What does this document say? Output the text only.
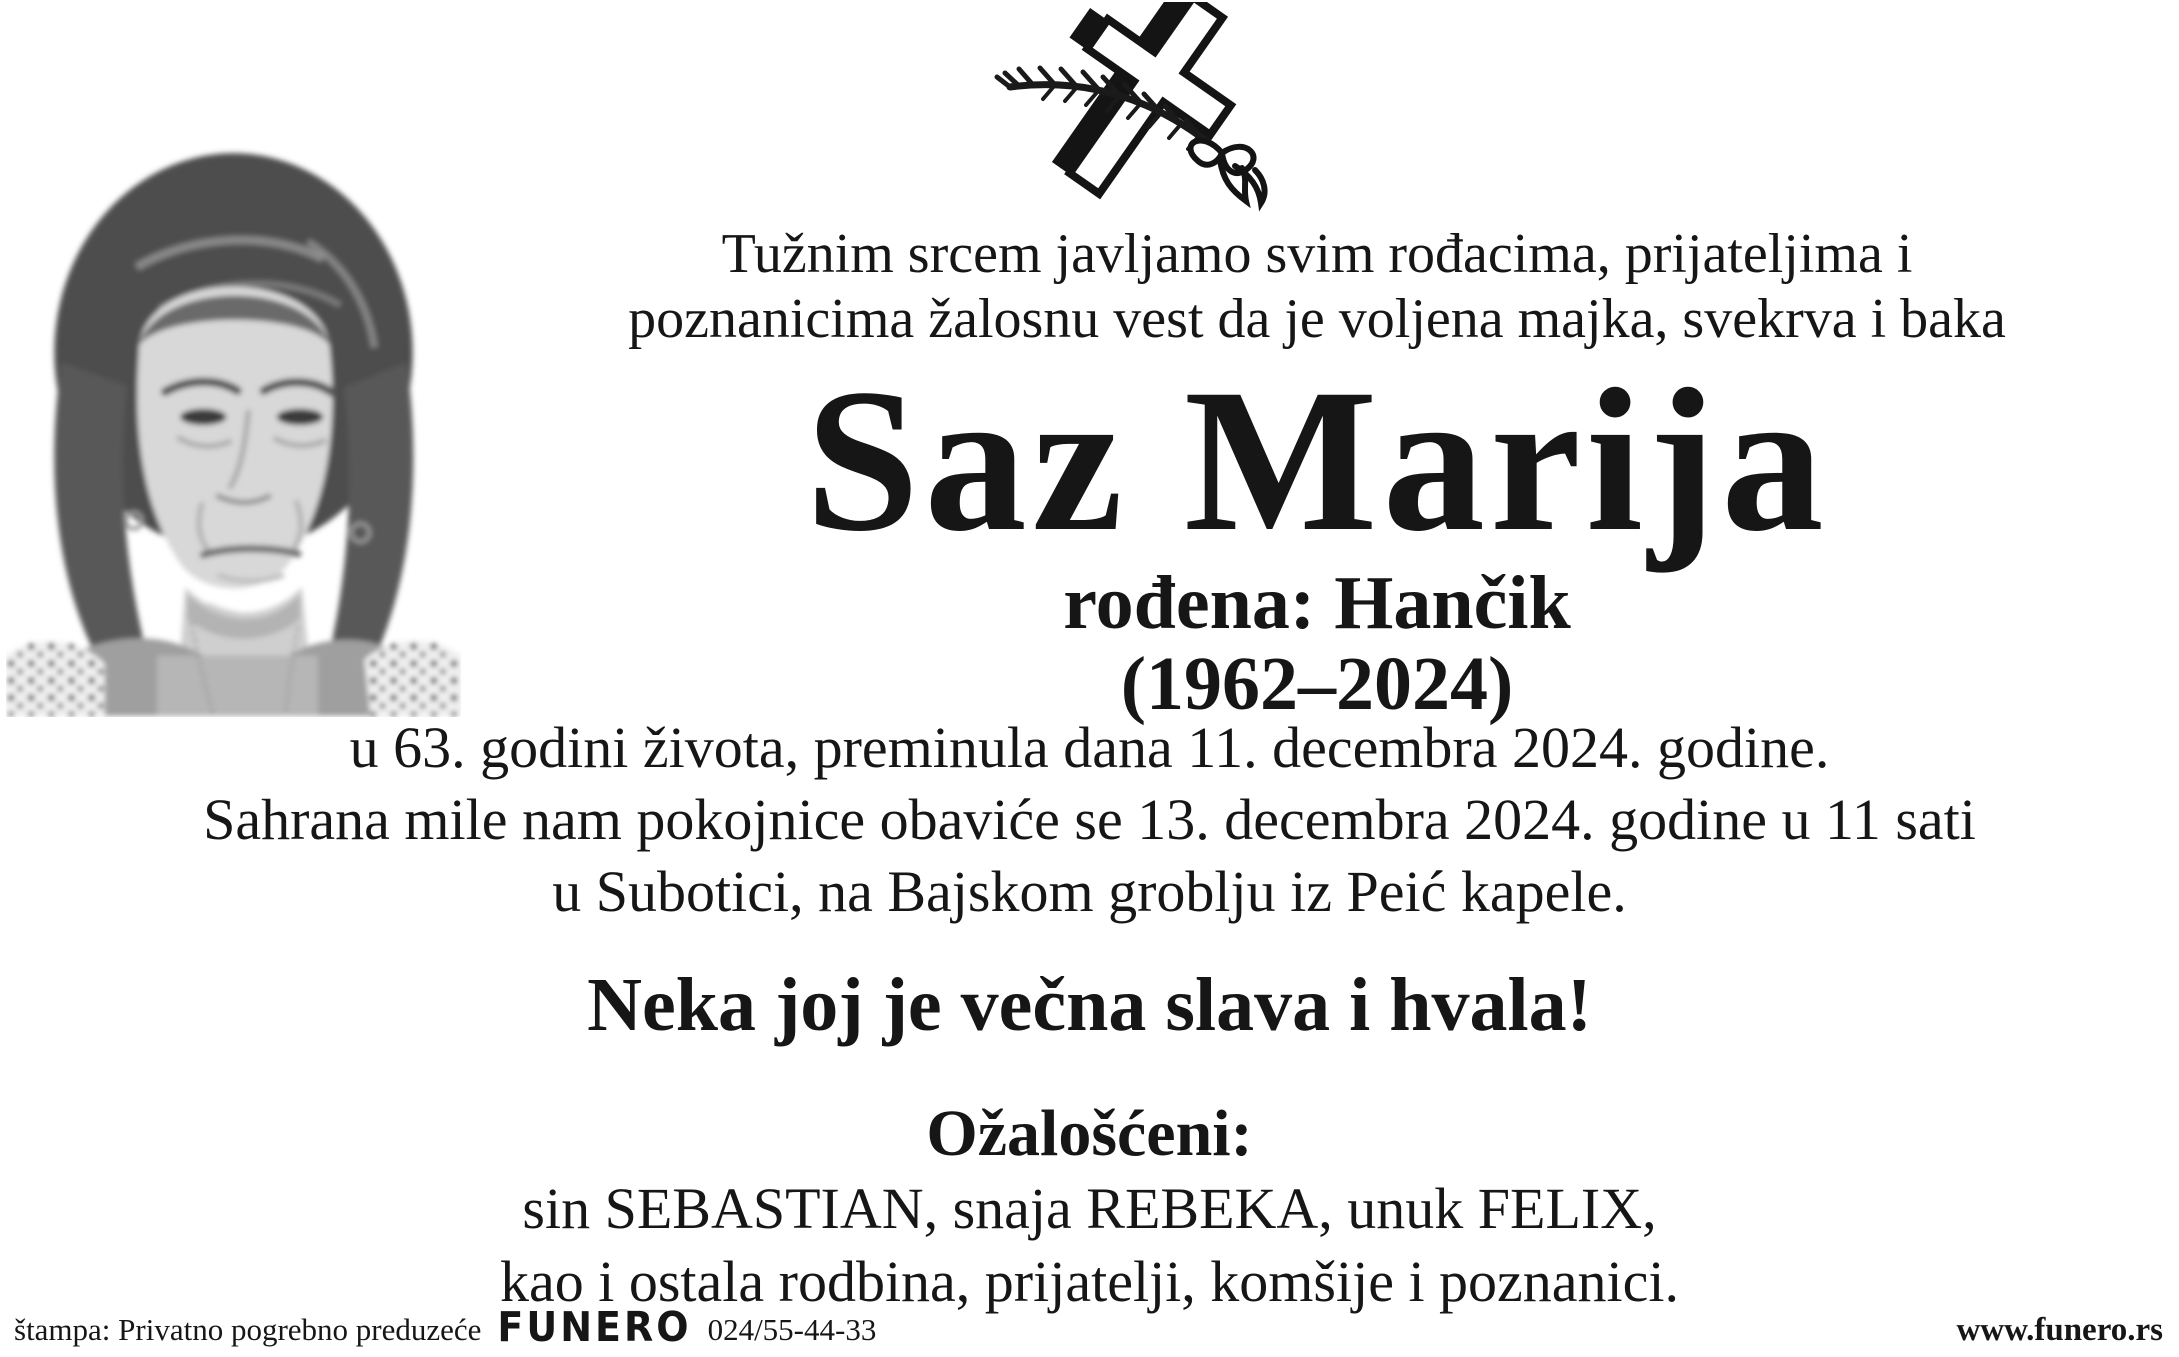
Tužnim srcem javljamo svim rođacima, prijateljima i
poznanicima žalosnu vest da je voljena majka, svekrva i baka
Saz Marija
rođena: Hančik
(1962–2024)
u 63. godini života, preminula dana 11. decembra 2024. godine.
Sahrana mile nam pokojnice obaviće se 13. decembra 2024. godine u 11 sati
u Subotici, na Bajskom groblju iz Peić kapele.
Neka joj je večna slava i hvala!
Ožalošćeni:
sin SEBASTIAN, snaja REBEKA, unuk FELIX,
kao i ostala rodbina, prijatelji, komšije i poznanici.
štampa: Privatno pogrebno preduzeće FUNERO 024/55-44-33	www.funero.rs
